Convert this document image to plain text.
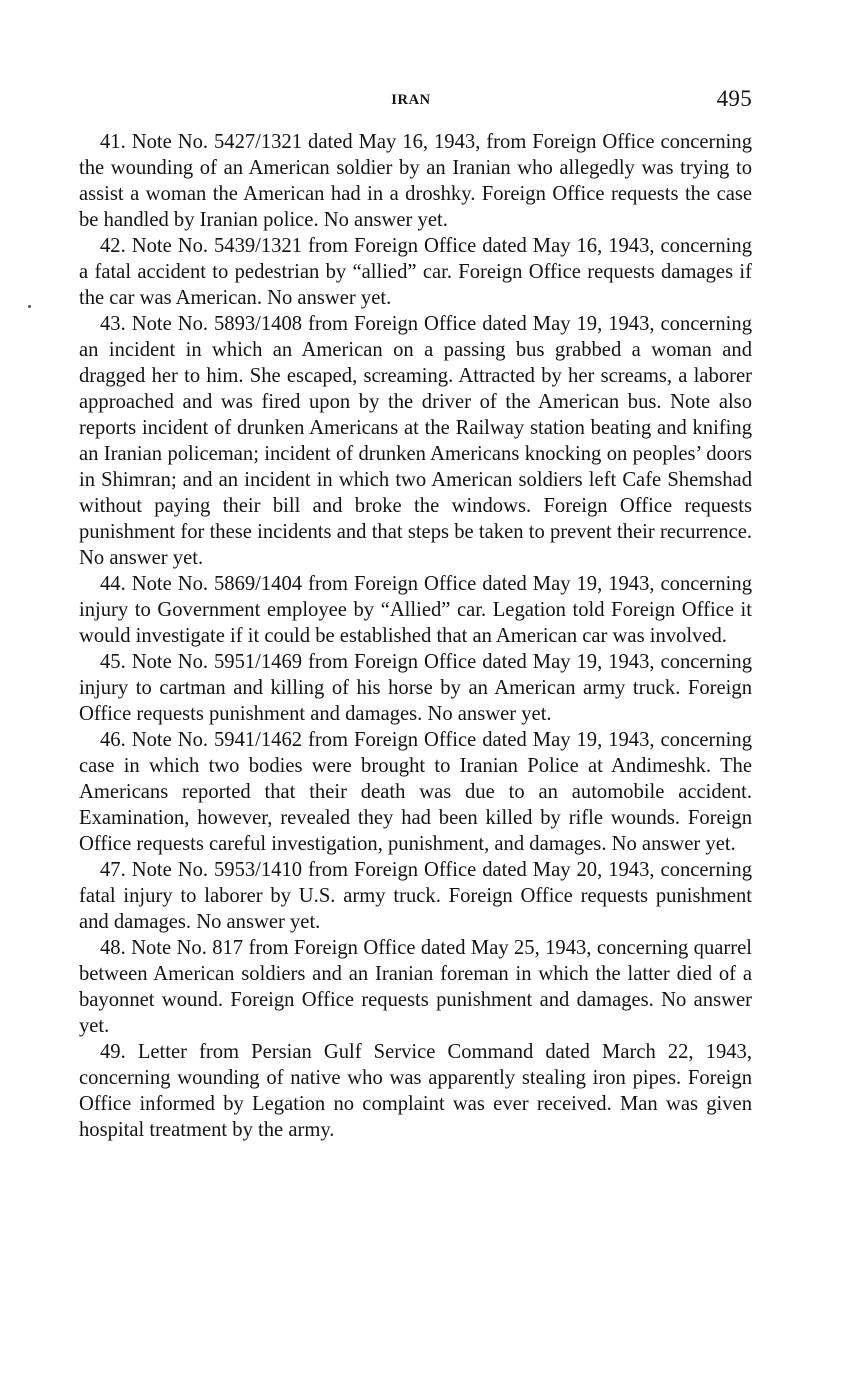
IRAN	495

41. Note No. 5427/1321 dated May 16, 1943, from Foreign Office concerning the wounding of an American soldier by an Iranian who allegedly was trying to assist a woman the American had in a droshky. Foreign Office requests the case be handled by Iranian police. No answer yet.

42. Note No. 5439/1321 from Foreign Office dated May 16, 1943, concerning a fatal accident to pedestrian by “allied” car. Foreign Office requests damages if the car was American. No answer yet.

43. Note No. 5893/1408 from Foreign Office dated May 19, 1943, concerning an incident in which an American on a passing bus grabbed a woman and dragged her to him. She escaped, screaming. Attracted by her screams, a laborer approached and was fired upon by the driver of the American bus. Note also reports incident of drunken Americans at the Railway station beating and knifing an Iranian policeman; incident of drunken Americans knocking on peoples’ doors in Shimran; and an incident in which two American soldiers left Cafe Shemshad without paying their bill and broke the windows. Foreign Office requests punishment for these incidents and that steps be taken to prevent their recurrence. No answer yet.

44. Note No. 5869/1404 from Foreign Office dated May 19, 1943, concerning injury to Government employee by “Allied” car. Legation told Foreign Office it would investigate if it could be established that an American car was involved.

45. Note No. 5951/1469 from Foreign Office dated May 19, 1943, concerning injury to cartman and killing of his horse by an American army truck. Foreign Office requests punishment and damages. No answer yet.

46. Note No. 5941/1462 from Foreign Office dated May 19, 1943, concerning case in which two bodies were brought to Iranian Police at Andimeshk. The Americans reported that their death was due to an automobile accident. Examination, however, revealed they had been killed by rifle wounds. Foreign Office requests careful investigation, punishment, and damages. No answer yet.

47. Note No. 5953/1410 from Foreign Office dated May 20, 1943, concerning fatal injury to laborer by U.S. army truck. Foreign Office requests punishment and damages. No answer yet.

48. Note No. 817 from Foreign Office dated May 25, 1943, concerning quarrel between American soldiers and an Iranian foreman in which the latter died of a bayonnet wound. Foreign Office requests punishment and damages. No answer yet.

49. Letter from Persian Gulf Service Command dated March 22, 1943, concerning wounding of native who was apparently stealing iron pipes. Foreign Office informed by Legation no complaint was ever received. Man was given hospital treatment by the army.
